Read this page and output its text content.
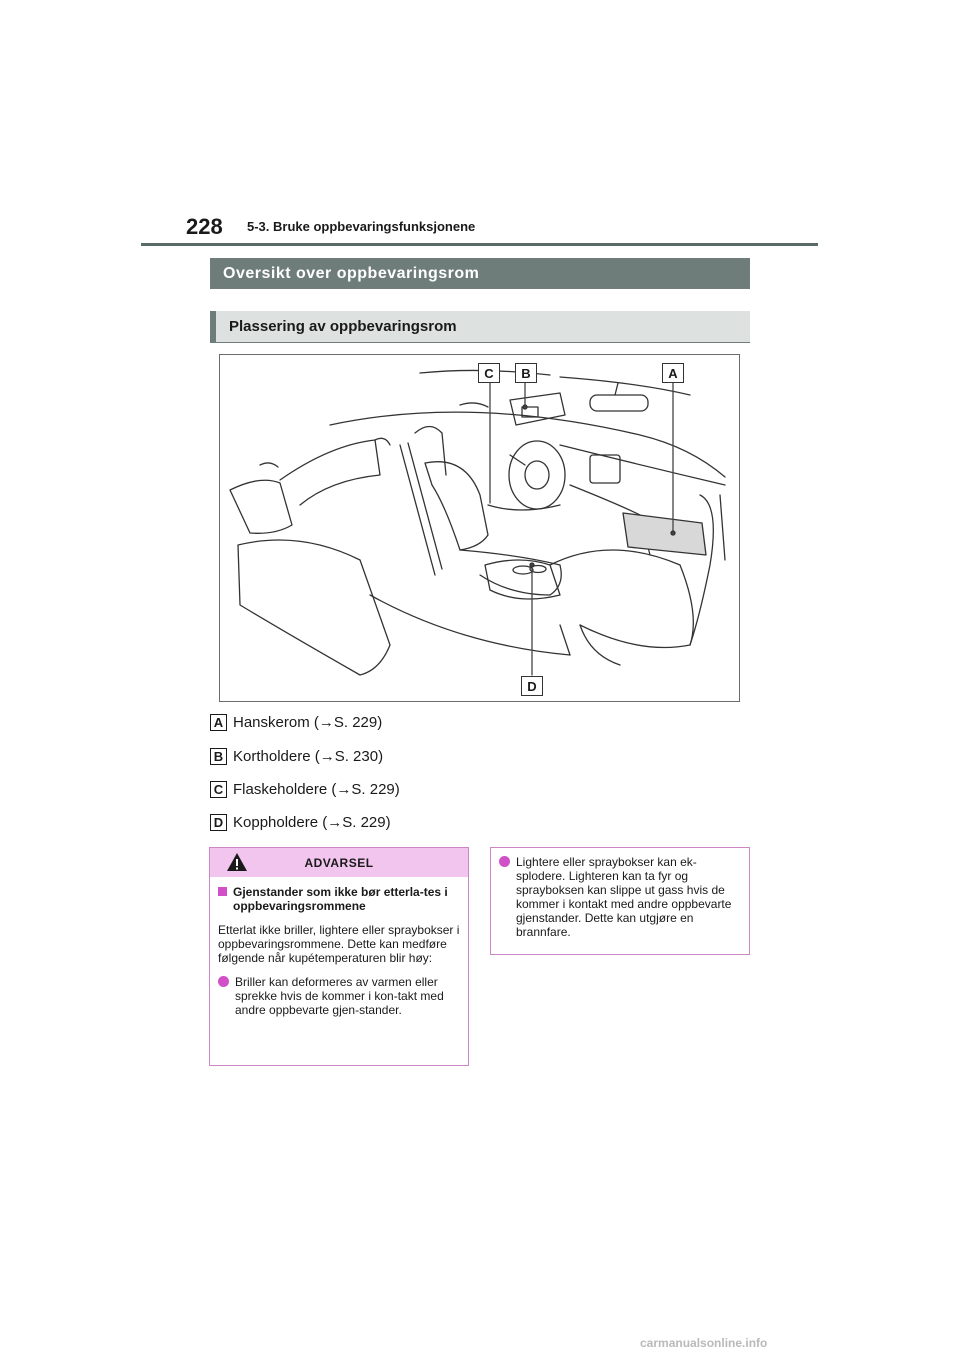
228 5-3. Bruke oppbevaringsfunksjonene
Oversikt over oppbevaringsrom
Plassering av oppbevaringsrom
C	B	A
D
A Hanskerom (→S. 229)
B Kortholdere (→S. 230)
C Flaskeholdere (→S. 229)
D Koppholdere (→S. 229)
ADVARSEL
Gjenstander som ikke bør etterla-tes i oppbevaringsrommene
Etterlat ikke briller, lightere eller spraybokser i oppbevaringsrommene. Dette kan medføre følgende når kupétemperaturen blir høy:
Briller kan deformeres av varmen eller sprekke hvis de kommer i kon-takt med andre oppbevarte gjen-stander.
Lightere eller spraybokser kan ek-splodere. Lighteren kan ta fyr og sprayboksen kan slippe ut gass hvis de kommer i kontakt med andre oppbevarte gjenstander. Dette kan utgjøre en brannfare.
carmanualsonline.info
